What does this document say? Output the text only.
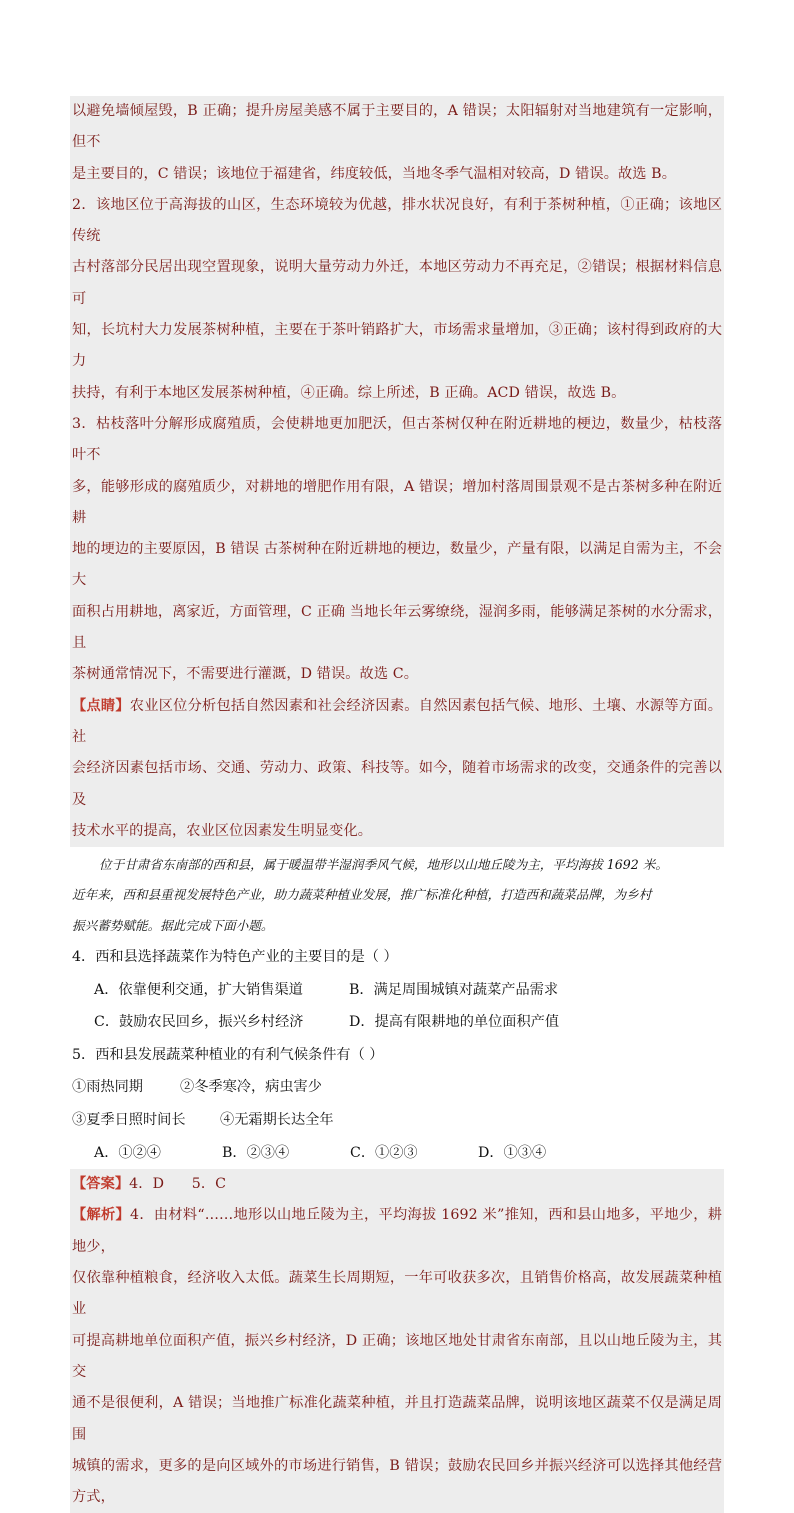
以避免墙倾屋毁，B 正确；提升房屋美感不属于主要目的，A 错误；太阳辐射对当地建筑有一定影响，但不

是主要目的，C 错误；该地位于福建省，纬度较低，当地冬季气温相对较高，D 错误。故选 B。

2．该地区位于高海拔的山区，生态环境较为优越，排水状况良好，有利于茶树种植，①正确；该地区传统

古村落部分民居出现空置现象，说明大量劳动力外迁，本地区劳动力不再充足，②错误；根据材料信息可

知，长坑村大力发展茶树种植，主要在于茶叶销路扩大，市场需求量增加，③正确；该村得到政府的大力

扶持，有利于本地区发展茶树种植，④正确。综上所述，B 正确。ACD 错误，故选 B。

3．枯枝落叶分解形成腐殖质，会使耕地更加肥沃，但古茶树仅种在附近耕地的梗边，数量少，枯枝落叶不

多，能够形成的腐殖质少，对耕地的增肥作用有限，A 错误；增加村落周围景观不是古茶树多种在附近耕

地的埂边的主要原因，B 错误 古茶树种在附近耕地的梗边，数量少，产量有限，以满足自需为主，不会大

面积占用耕地，离家近，方面管理，C 正确 当地长年云雾缭绕，湿润多雨，能够满足茶树的水分需求，且

茶树通常情况下，不需要进行灌溉，D 错误。故选 C。

【点睛】农业区位分析包括自然因素和社会经济因素。自然因素包括气候、地形、土壤、水源等方面。社

会经济因素包括市场、交通、劳动力、政策、科技等。如今，随着市场需求的改变，交通条件的完善以及

技术水平的提高，农业区位因素发生明显变化。

位于甘肃省东南部的西和县，属于暖温带半湿润季风气候，地形以山地丘陵为主，平均海拔 1692 米。

近年来，西和县重视发展特色产业，助力蔬菜种植业发展，推广标准化种植，打造西和蔬菜品牌，为乡村

振兴蓄势赋能。据此完成下面小题。

4．西和县选择蔬菜作为特色产业的主要目的是（ ）

A．依靠便利交通，扩大销售渠道	B．满足周围城镇对蔬菜产品需求
C．鼓励农民回乡，振兴乡村经济	D．提高有限耕地的单位面积产值

5．西和县发展蔬菜种植业的有利气候条件有（ ）

①雨热同期	②冬季寒冷，病虫害少
③夏季日照时间长	④无霜期长达全年
A．①②④	B．②③④	C．①②③	D．①③④

【答案】4．D      5．C

【解析】4．由材料“……地形以山地丘陵为主，平均海拔 1692 米”推知，西和县山地多，平地少，耕地少，

仅依靠种植粮食，经济收入太低。蔬菜生长周期短，一年可收获多次，且销售价格高，故发展蔬菜种植业

可提高耕地单位面积产值，振兴乡村经济，D 正确；该地区地处甘肃省东南部，且以山地丘陵为主，其交

通不是很便利，A 错误；当地推广标准化蔬菜种植，并且打造蔬菜品牌，说明该地区蔬菜不仅是满足周围

城镇的需求，更多的是向区域外的市场进行销售，B 错误；鼓励农民回乡并振兴经济可以选择其他经营方式，
